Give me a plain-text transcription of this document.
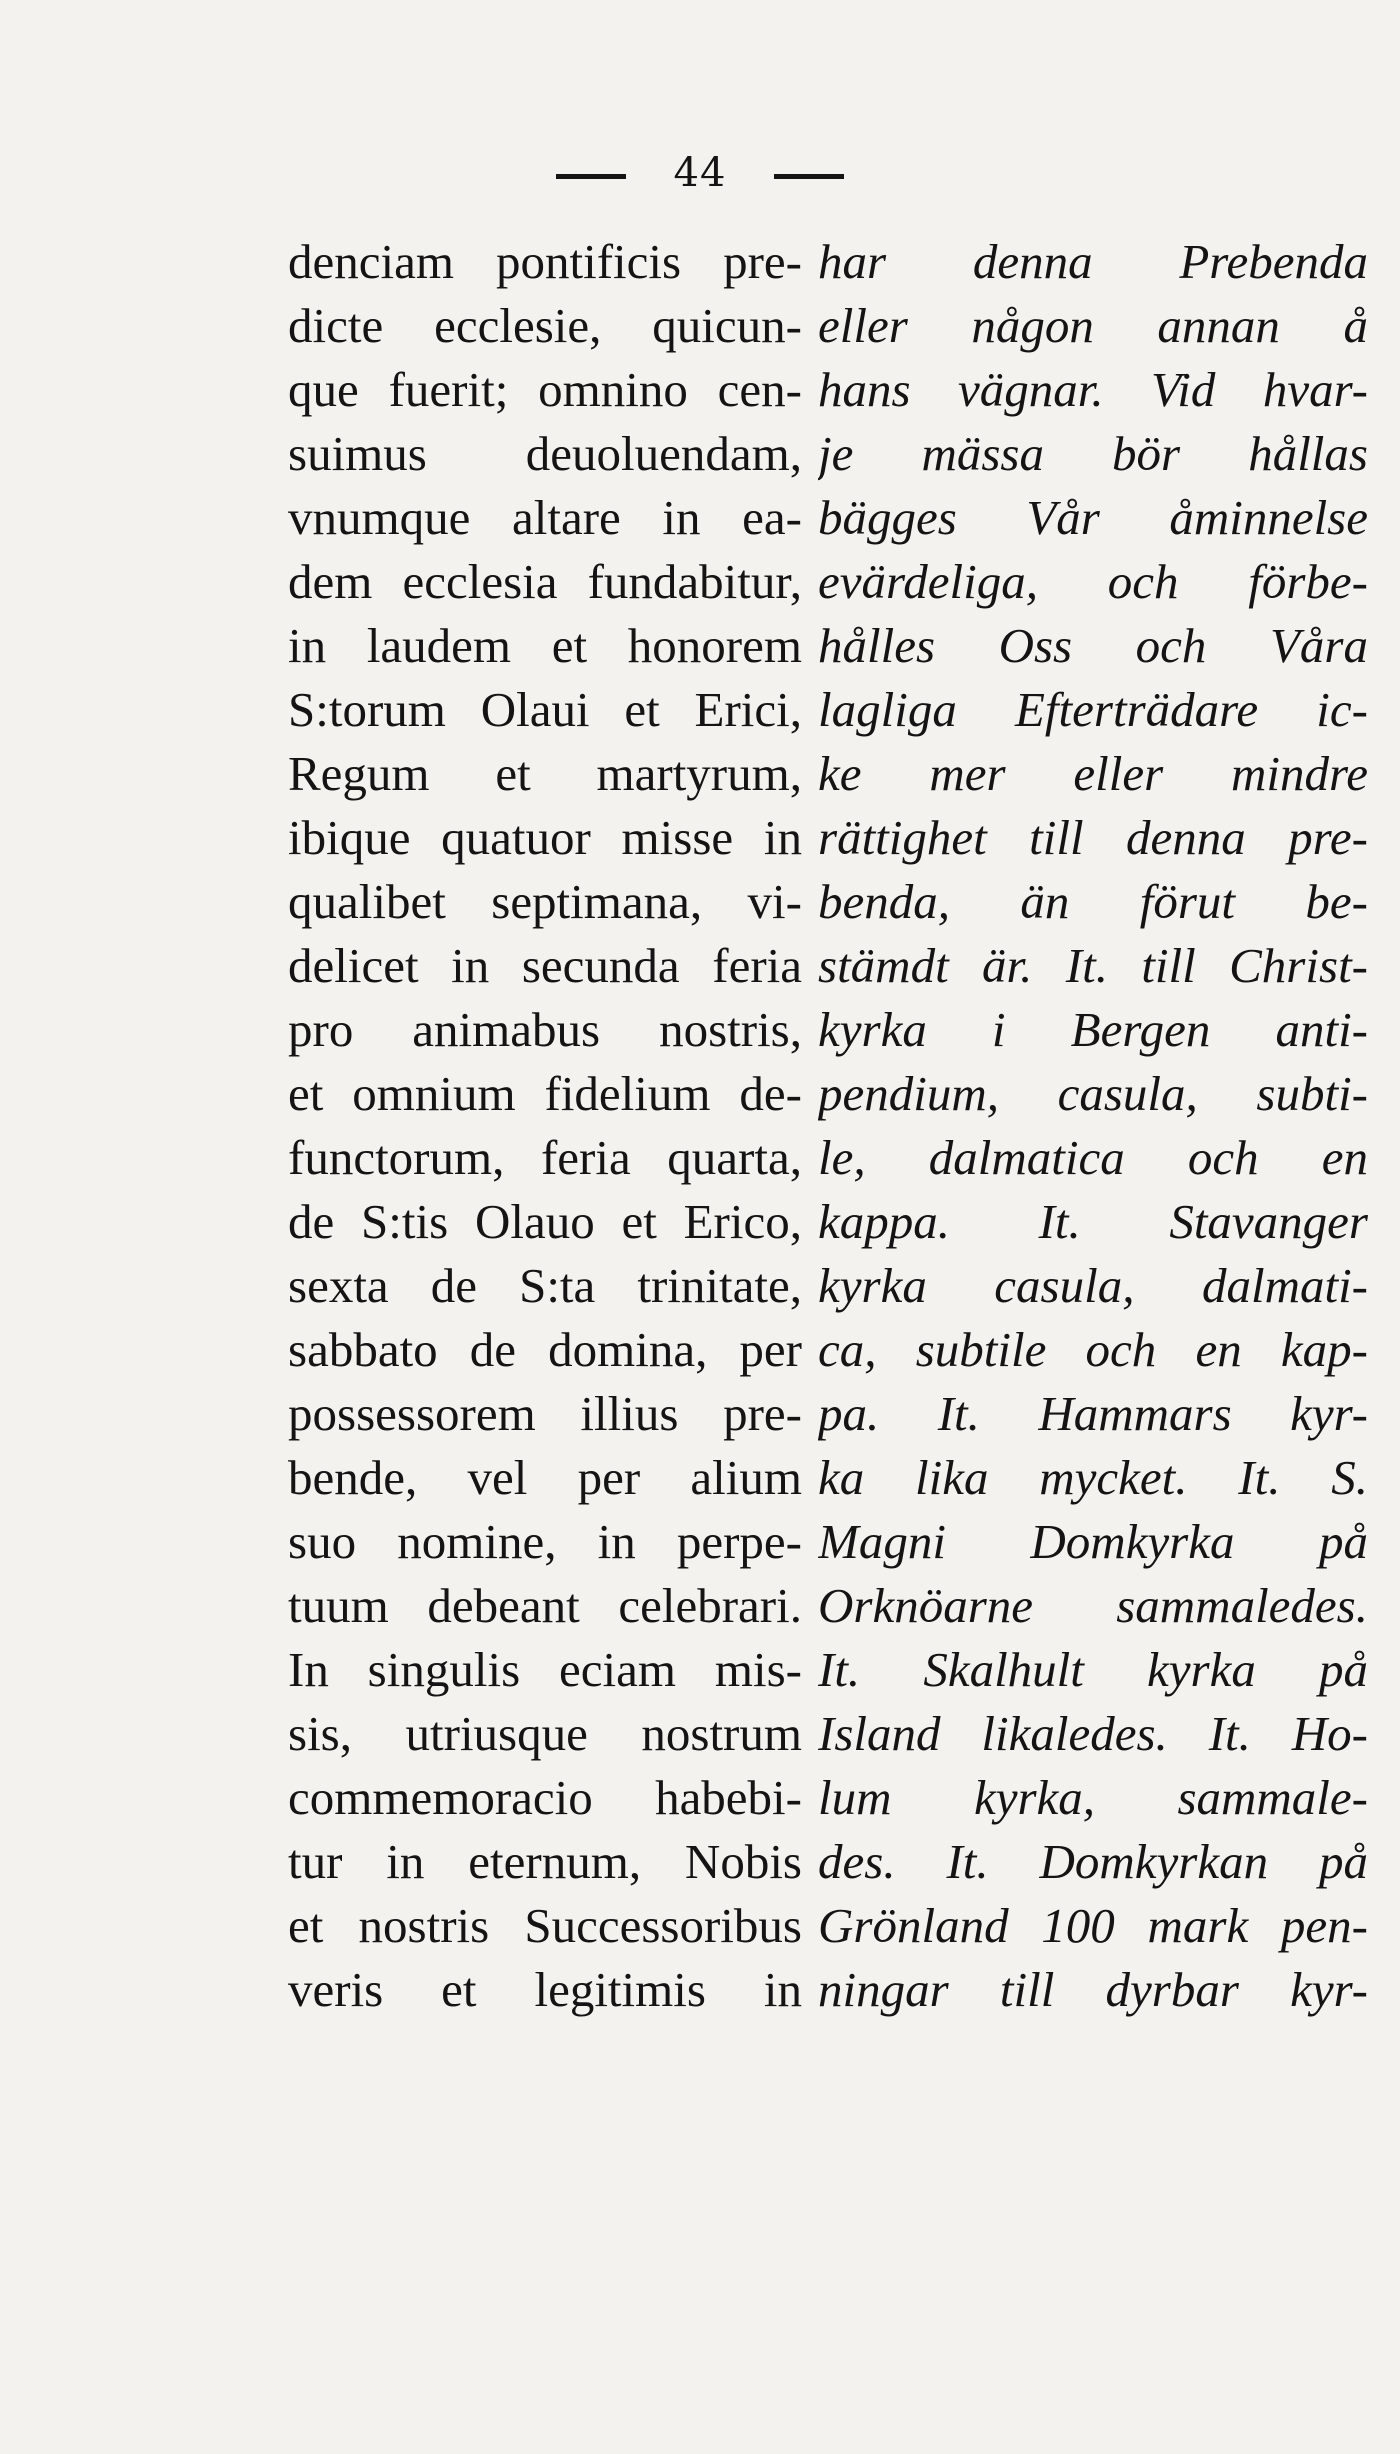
44
denciam pontificis pre-
dicte ecclesie, quicun-
que fuerit; omnino cen-
suimus deuoluendam,
vnumque altare in ea-
dem ecclesia fundabitur,
in laudem et honorem
S:torum Olaui et Erici,
Regum et martyrum,
ibique quatuor misse in
qualibet septimana, vi-
delicet in secunda feria
pro animabus nostris,
et omnium fidelium de-
functorum, feria quarta,
de S:tis Olauo et Erico,
sexta de S:ta trinitate,
sabbato de domina, per
possessorem illius pre-
bende, vel per alium
suo nomine, in perpe-
tuum debeant celebrari.
In singulis eciam mis-
sis, utriusque nostrum
commemoracio habebi-
tur in eternum, Nobis
et nostris Successoribus
veris et legitimis in
har denna Prebenda
eller någon annan å
hans vägnar. Vid hvar-
je mässa bör hållas
bägges Vår åminnelse
evärdeliga, och förbe-
hålles Oss och Våra
lagliga Efterträdare ic-
ke mer eller mindre
rättighet till denna pre-
benda, än förut be-
stämdt är. It. till Christ-
kyrka i Bergen anti-
pendium, casula, subti-
le, dalmatica och en
kappa. It. Stavanger
kyrka casula, dalmati-
ca, subtile och en kap-
pa. It. Hammars kyr-
ka lika mycket. It. S.
Magni Domkyrka på
Orknöarne sammaledes.
It. Skalhult kyrka på
Island likaledes. It. Ho-
lum kyrka, sammale-
des. It. Domkyrkan på
Grönland 100 mark pen-
ningar till dyrbar kyr-
